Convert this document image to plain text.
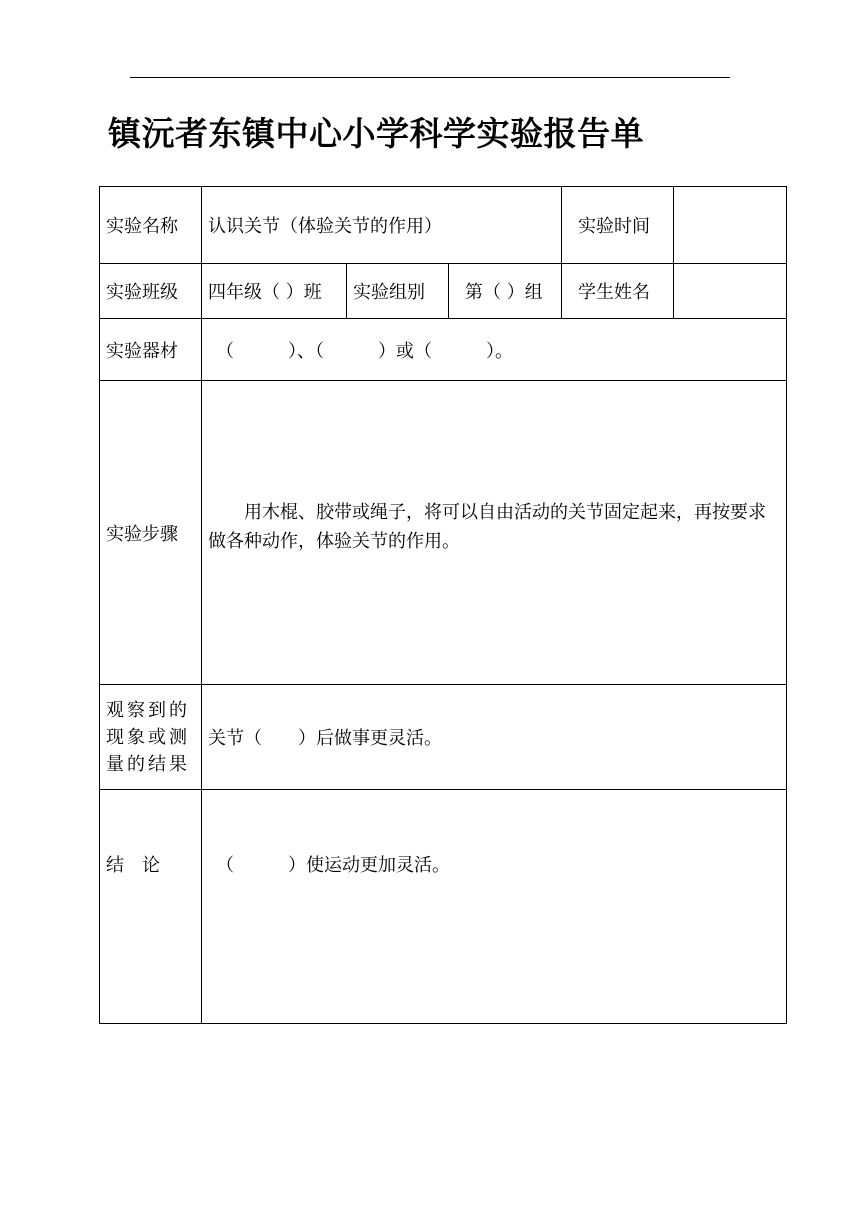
镇沅者东镇中心小学科学实验报告单
实验名称	认识关节（体验关节的作用）			实验时间	
实验班级	四年级（ ）班	实验组别	第（ ）组	学生姓名	
实验器材	（　　　）、（　　　）或（　　　）。				
实验步骤	用木棍、胶带或绳子，将可以自由活动的关节固定起来，再按要求做各种动作，体验关节的作用。				

观察到的现象或测量的结果	关节（　　）后做事更灵活。				
结　论	（　　　）使运动更加灵活。				
